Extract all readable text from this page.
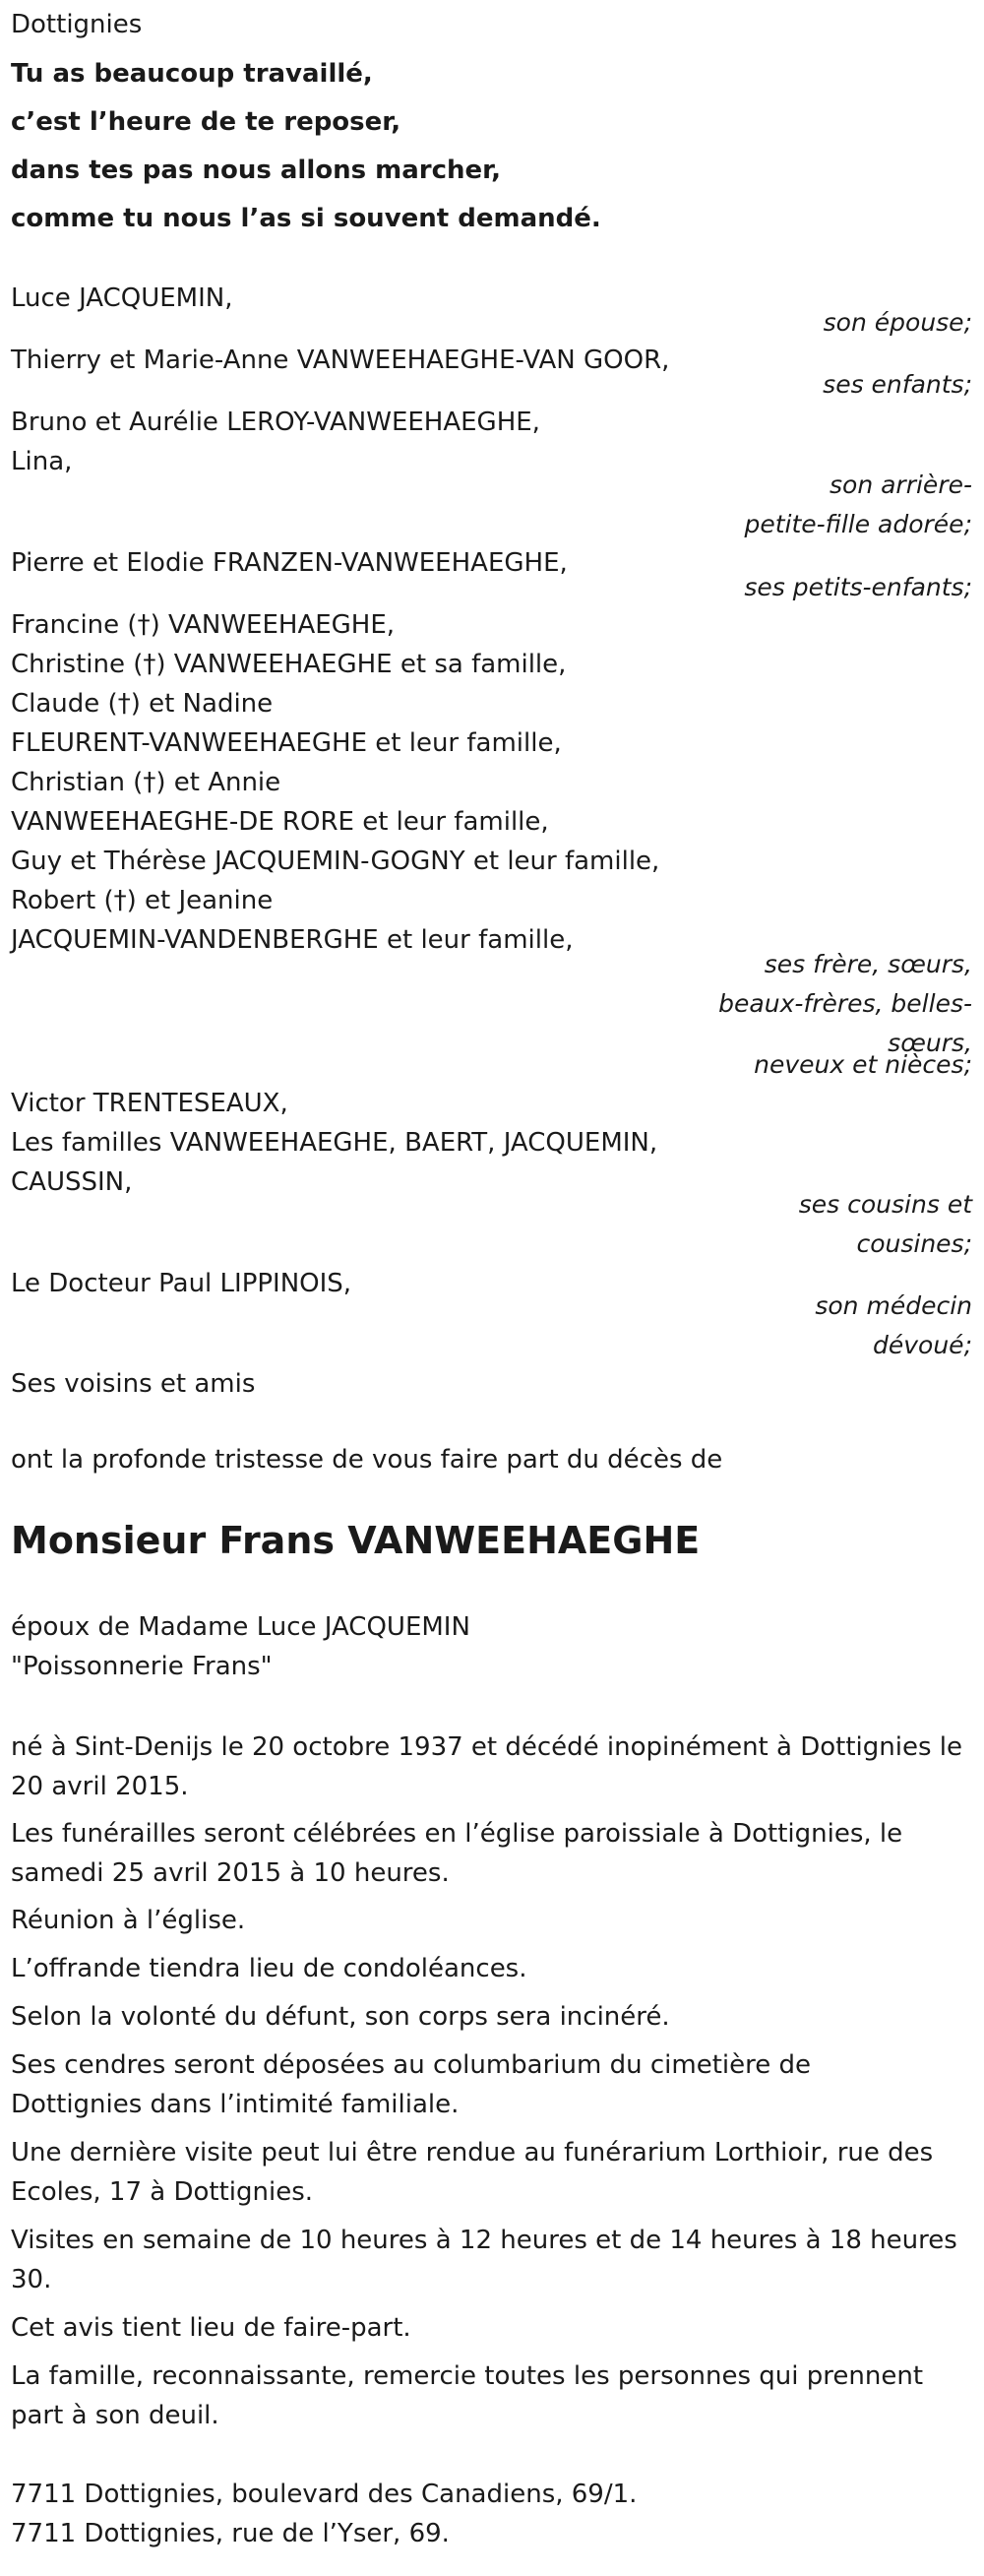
Dottignies
Tu as beaucoup travaillé,
c’est l’heure de te reposer,
dans tes pas nous allons marcher,
comme tu nous l’as si souvent demandé.
Luce JACQUEMIN,
son épouse;
Thierry et Marie-Anne VANWEEHAEGHE-VAN GOOR,
ses enfants;
Bruno et Aurélie LEROY-VANWEEHAEGHE,
Lina,
son arrière-
petite-fille adorée;
Pierre et Elodie FRANZEN-VANWEEHAEGHE,
ses petits-enfants;
Francine (†) VANWEEHAEGHE,
Christine (†) VANWEEHAEGHE et sa famille,
Claude (†) et Nadine
FLEURENT-VANWEEHAEGHE et leur famille,
Christian (†) et Annie
VANWEEHAEGHE-DE RORE et leur famille,
Guy et Thérèse JACQUEMIN-GOGNY et leur famille,
Robert (†) et Jeanine
JACQUEMIN-VANDENBERGHE et leur famille,
ses frère, sœurs,
beaux-frères, belles-
sœurs,
neveux et nièces;
Victor TRENTESEAUX,
Les familles VANWEEHAEGHE, BAERT, JACQUEMIN,
CAUSSIN,
ses cousins et
cousines;
Le Docteur Paul LIPPINOIS,
son médecin
dévoué;
Ses voisins et amis
ont la profonde tristesse de vous faire part du décès de
Monsieur Frans VANWEEHAEGHE
époux de Madame Luce JACQUEMIN
"Poissonnerie Frans"
né à Sint-Denijs le 20 octobre 1937 et décédé inopinément à Dottignies le
20 avril 2015.
Les funérailles seront célébrées en l’église paroissiale à Dottignies, le
samedi 25 avril 2015 à 10 heures.
Réunion à l’église.
L’offrande tiendra lieu de condoléances.
Selon la volonté du défunt, son corps sera incinéré.
Ses cendres seront déposées au columbarium du cimetière de
Dottignies dans l’intimité familiale.
Une dernière visite peut lui être rendue au funérarium Lorthioir, rue des
Ecoles, 17 à Dottignies.
Visites en semaine de 10 heures à 12 heures et de 14 heures à 18 heures
30.
Cet avis tient lieu de faire-part.
La famille, reconnaissante, remercie toutes les personnes qui prennent
part à son deuil.
7711 Dottignies, boulevard des Canadiens, 69/1.
7711 Dottignies, rue de l’Yser, 69.
